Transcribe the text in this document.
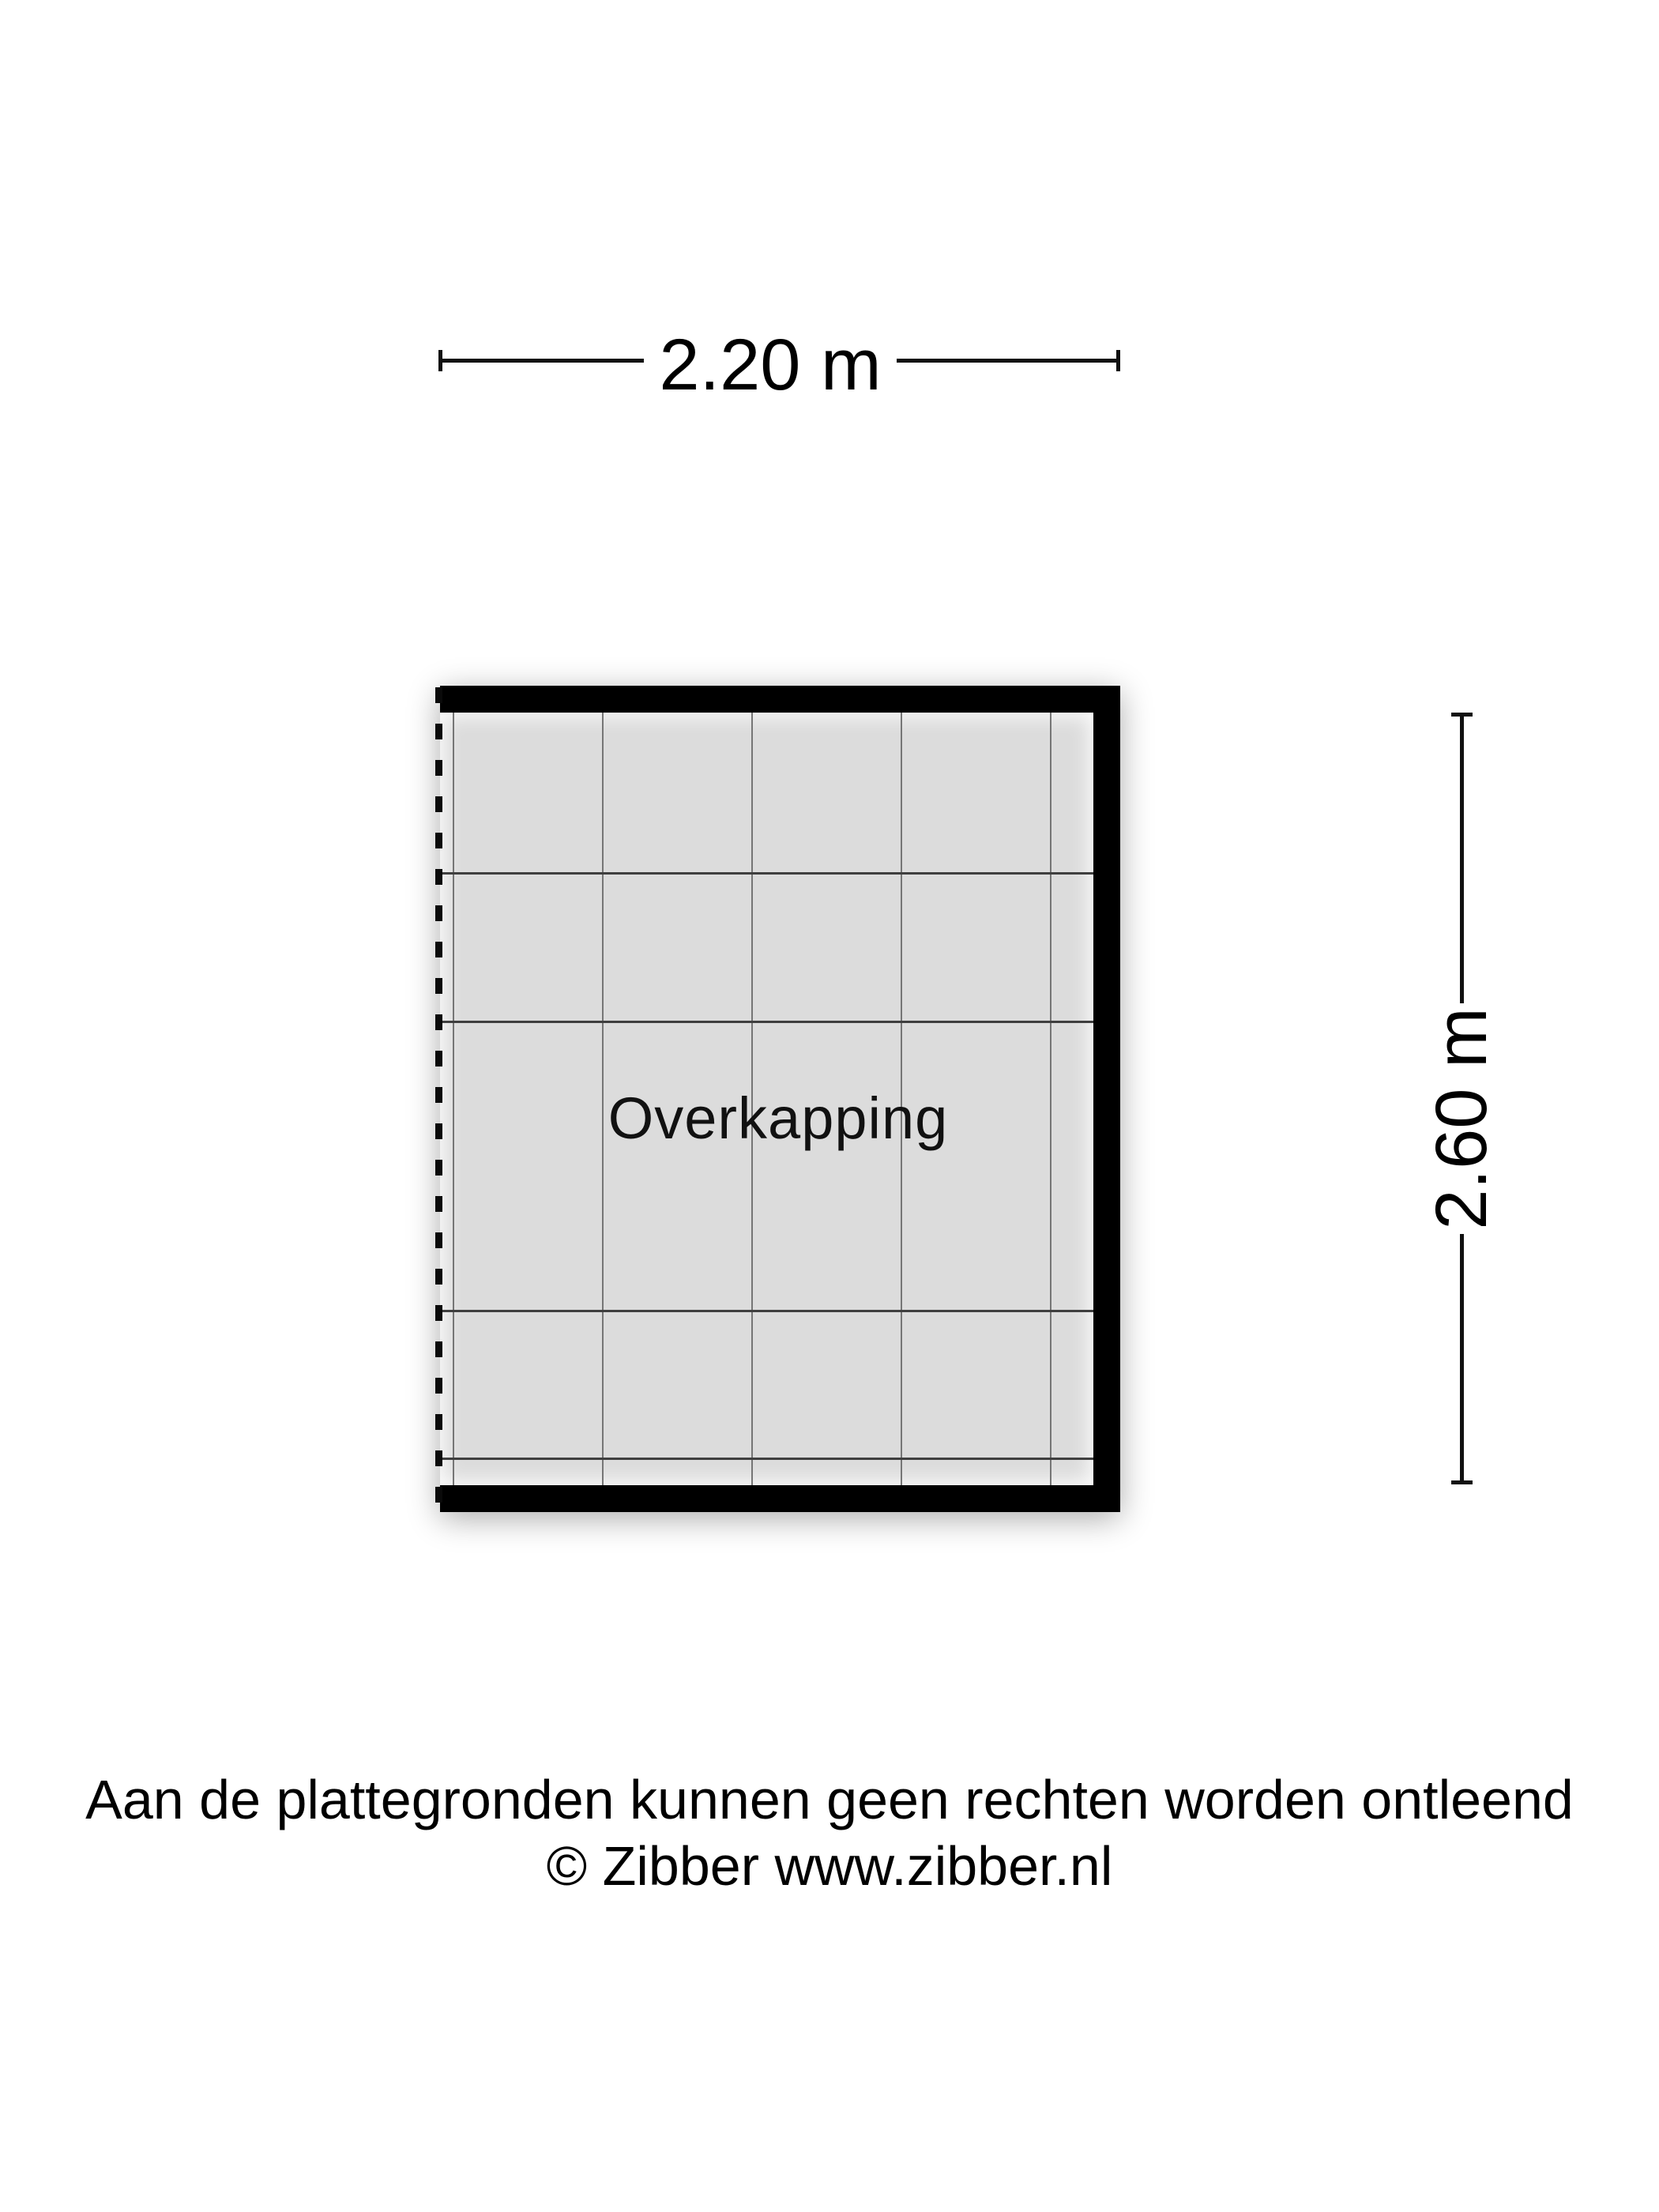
2.20 m
2.60 m
Overkapping
Aan de plattegronden kunnen geen rechten worden ontleend
© Zibber www.zibber.nl
